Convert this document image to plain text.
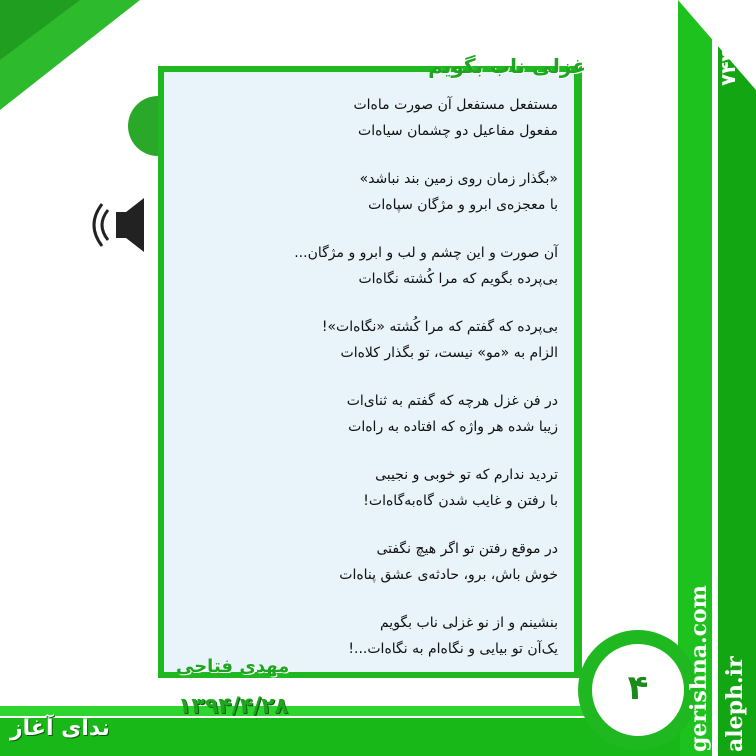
۷۴۴
غزلی ناب بگویم
مستفعل مستفعل آن صورت ماه‌ات
مفعول مفاعیل دو چشمان سیاه‌ات
«بگذار زمان روی زمین بند نباشد»
با معجزه‌ی ابرو و مژگان سپاه‌ات
آن صورت و این چشم و لب و ابرو و مژگان...
بی‌پرده بگویم که مرا کُشته نگاه‌ات
بی‌پرده که گفتم که مرا کُشته «نگاه‌ات»!
الزام به «مو» نیست، تو بگذار کلاه‌ات
در فن غزل هرچه که گفتم به ثنای‌ات
زیبا شده هر واژه که افتاده به راه‌ات
تردید ندارم که تو خوبی و نجیبی
با رفتن و غایب شدن گاه‌به‌گاه‌ات!
در موقع رفتن تو اگر هیچ نگفتی
خوش باش، برو، حادثه‌ی عشق پناه‌ات
بنشینم و از نو غزلی ناب بگویم
یک‌آن تو بیایی و نگاه‌ام به نگاه‌ات...!
مهدی فتاحی
۱۳۹۴/۴/۲۸	۴
ندای آغاز	gerishna.com aleph.ir
